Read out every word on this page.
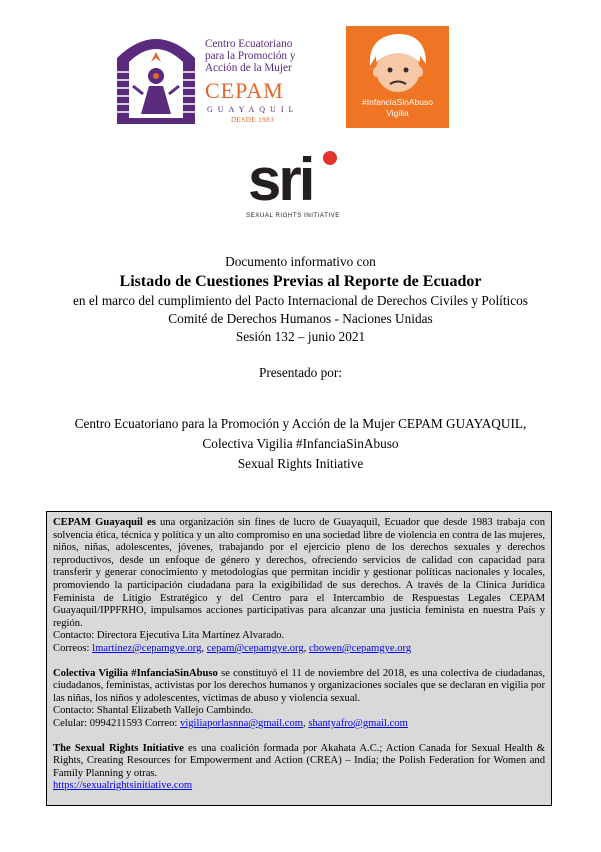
Centro Ecuatoriano para la Promoción y Acción de la Mujer
CEPAM
GUAYAQUIL
DESDE 1983
#InfanciaSinAbuso
Vigilia
sri
SEXUAL RIGHTS INITIATIVE
Documento informativo con
Listado de Cuestiones Previas al Reporte de Ecuador
en el marco del cumplimiento del Pacto Internacional de Derechos Civiles y Políticos
Comité de Derechos Humanos - Naciones Unidas
Sesión 132 – junio 2021
Presentado por:
Centro Ecuatoriano para la Promoción y Acción de la Mujer CEPAM GUAYAQUIL,
Colectiva Vigilia #InfanciaSinAbuso
Sexual Rights Initiative

CEPAM Guayaquil es una organización sin fines de lucro de Guayaquil, Ecuador que desde 1983 trabaja con solvencia ética, técnica y política y un alto compromiso en una sociedad libre de violencia en contra de las mujeres, niños, niñas, adolescentes, jóvenes, trabajando por el ejercicio pleno de los derechos sexuales y derechos reproductivos, desde un enfoque de género y derechos, ofreciendo servicios de calidad con capacidad para transferir y generar conocimiento y metodologías que permitan incidir y gestionar políticas nacionales y locales, promoviendo la participación ciudadana para la exigibilidad de sus derechos. A través de la Clínica Jurídica Feminista de Litigio Estratégico y del Centro para el Intercambio de Respuestas Legales CEPAM Guayaquil/IPPFRHO, impulsamos acciones participativas para alcanzar una justicia feminista en nuestra País y región.

Contacto: Directora Ejecutiva Lita Martínez Alvarado.

Correos: lmartinez@cepamgye.org, cepam@cepamgye.org, cbowen@cepamgye.org

Colectiva Vigilia #InfanciaSinAbuso se constituyó el 11 de noviembre del 2018, es una colectiva de ciudadanas, ciudadanos, feministas, activistas por los derechos humanos y organizaciones sociales que se declaran en vigilia por las niñas, los niños y adolescentes, víctimas de abuso y violencia sexual.

Contacto: Shantal Elizabeth Vallejo Cambindo.

Celular: 0994211593 Correo: vigiliaporlasnna@gmail.com, shantyafro@gmail.com

The Sexual Rights Initiative es una coalición formada por Akahata A.C.; Action Canada for Sexual Health & Rights, Creating Resources for Empowerment and Action (CREA) – India; the Polish Federation for Women and Family Planning y otras.

https://sexualrightsinitiative.com
